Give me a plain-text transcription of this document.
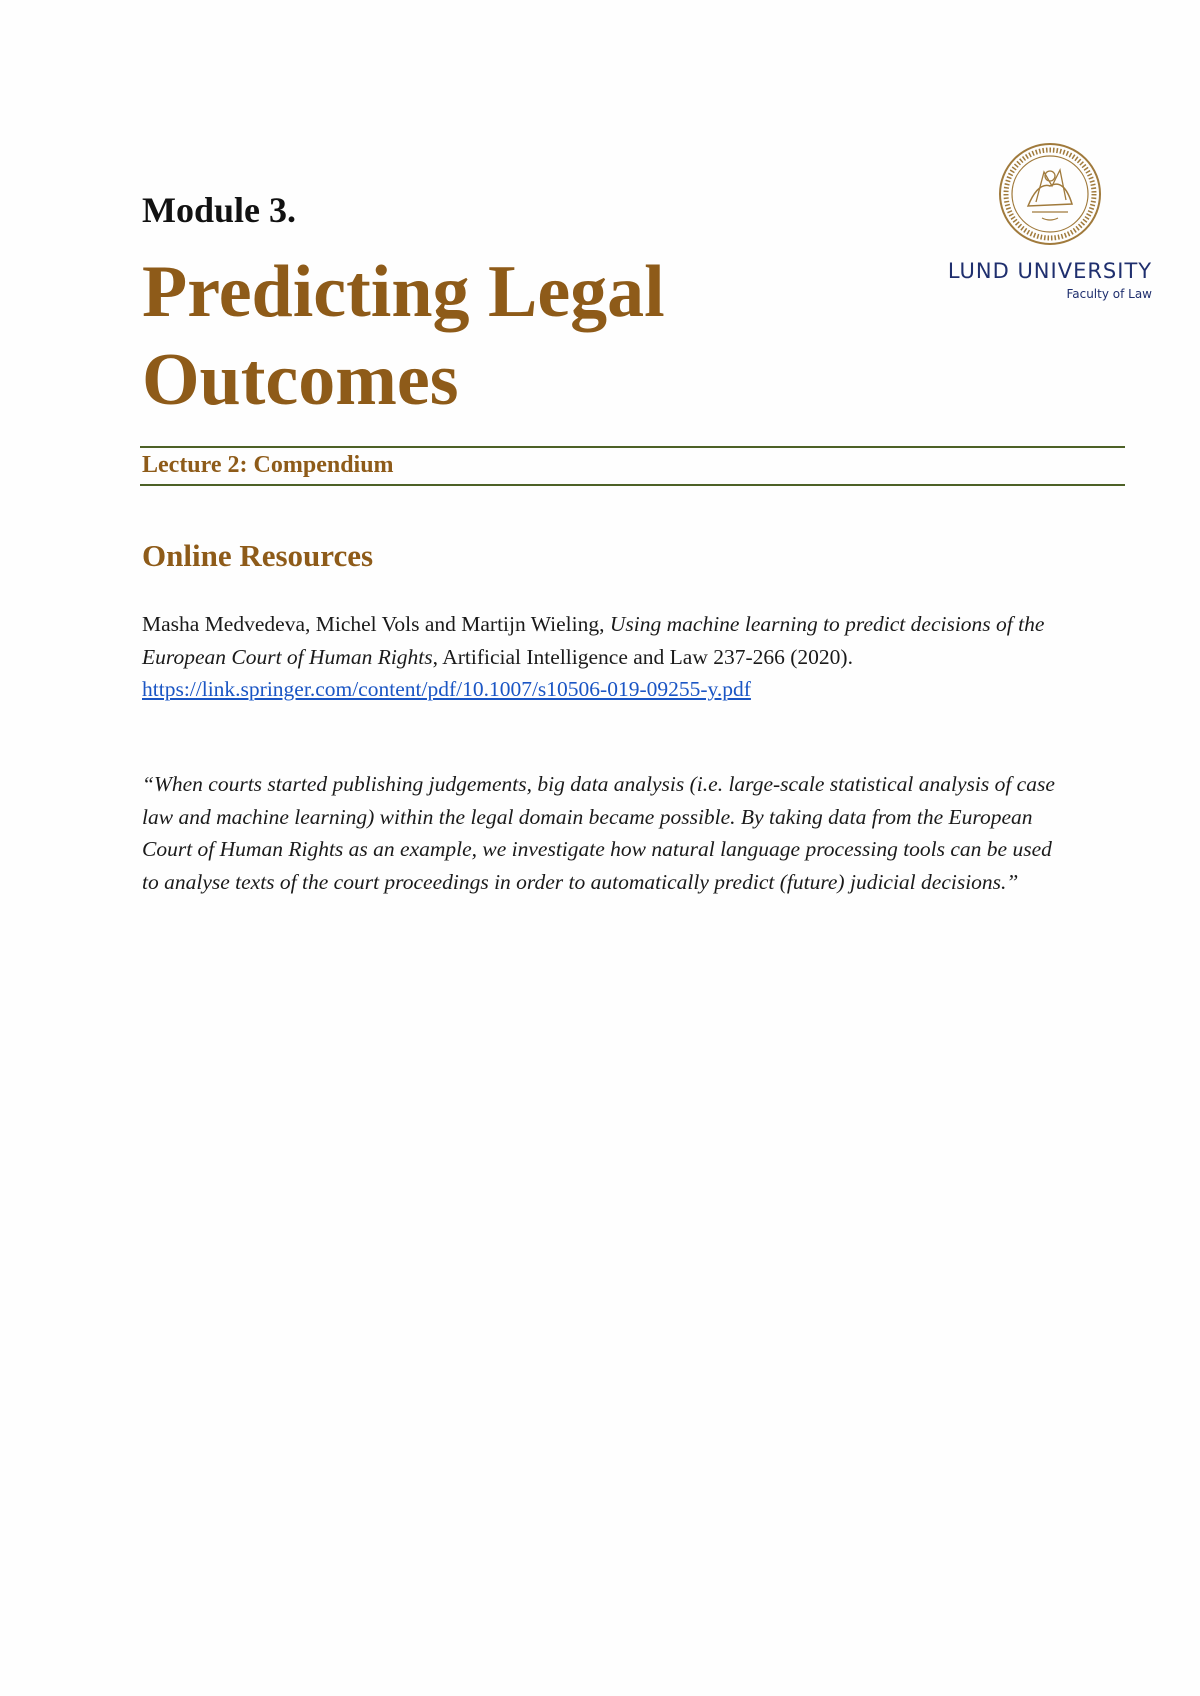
Module 3.
Predicting Legal Outcomes
LUND UNIVERSITY
Faculty of Law
Lecture 2: Compendium
Online Resources
Masha Medvedeva, Michel Vols and Martijn Wieling, Using machine learning to predict decisions of the European Court of Human Rights, Artificial Intelligence and Law 237-266 (2020).
https://link.springer.com/content/pdf/10.1007/s10506-019-09255-y.pdf
“When courts started publishing judgements, big data analysis (i.e. large-scale statistical analysis of case law and machine learning) within the legal domain became possible. By taking data from the European Court of Human Rights as an example, we investigate how natural language processing tools can be used to analyse texts of the court proceedings in order to automatically predict (future) judicial decisions.”
